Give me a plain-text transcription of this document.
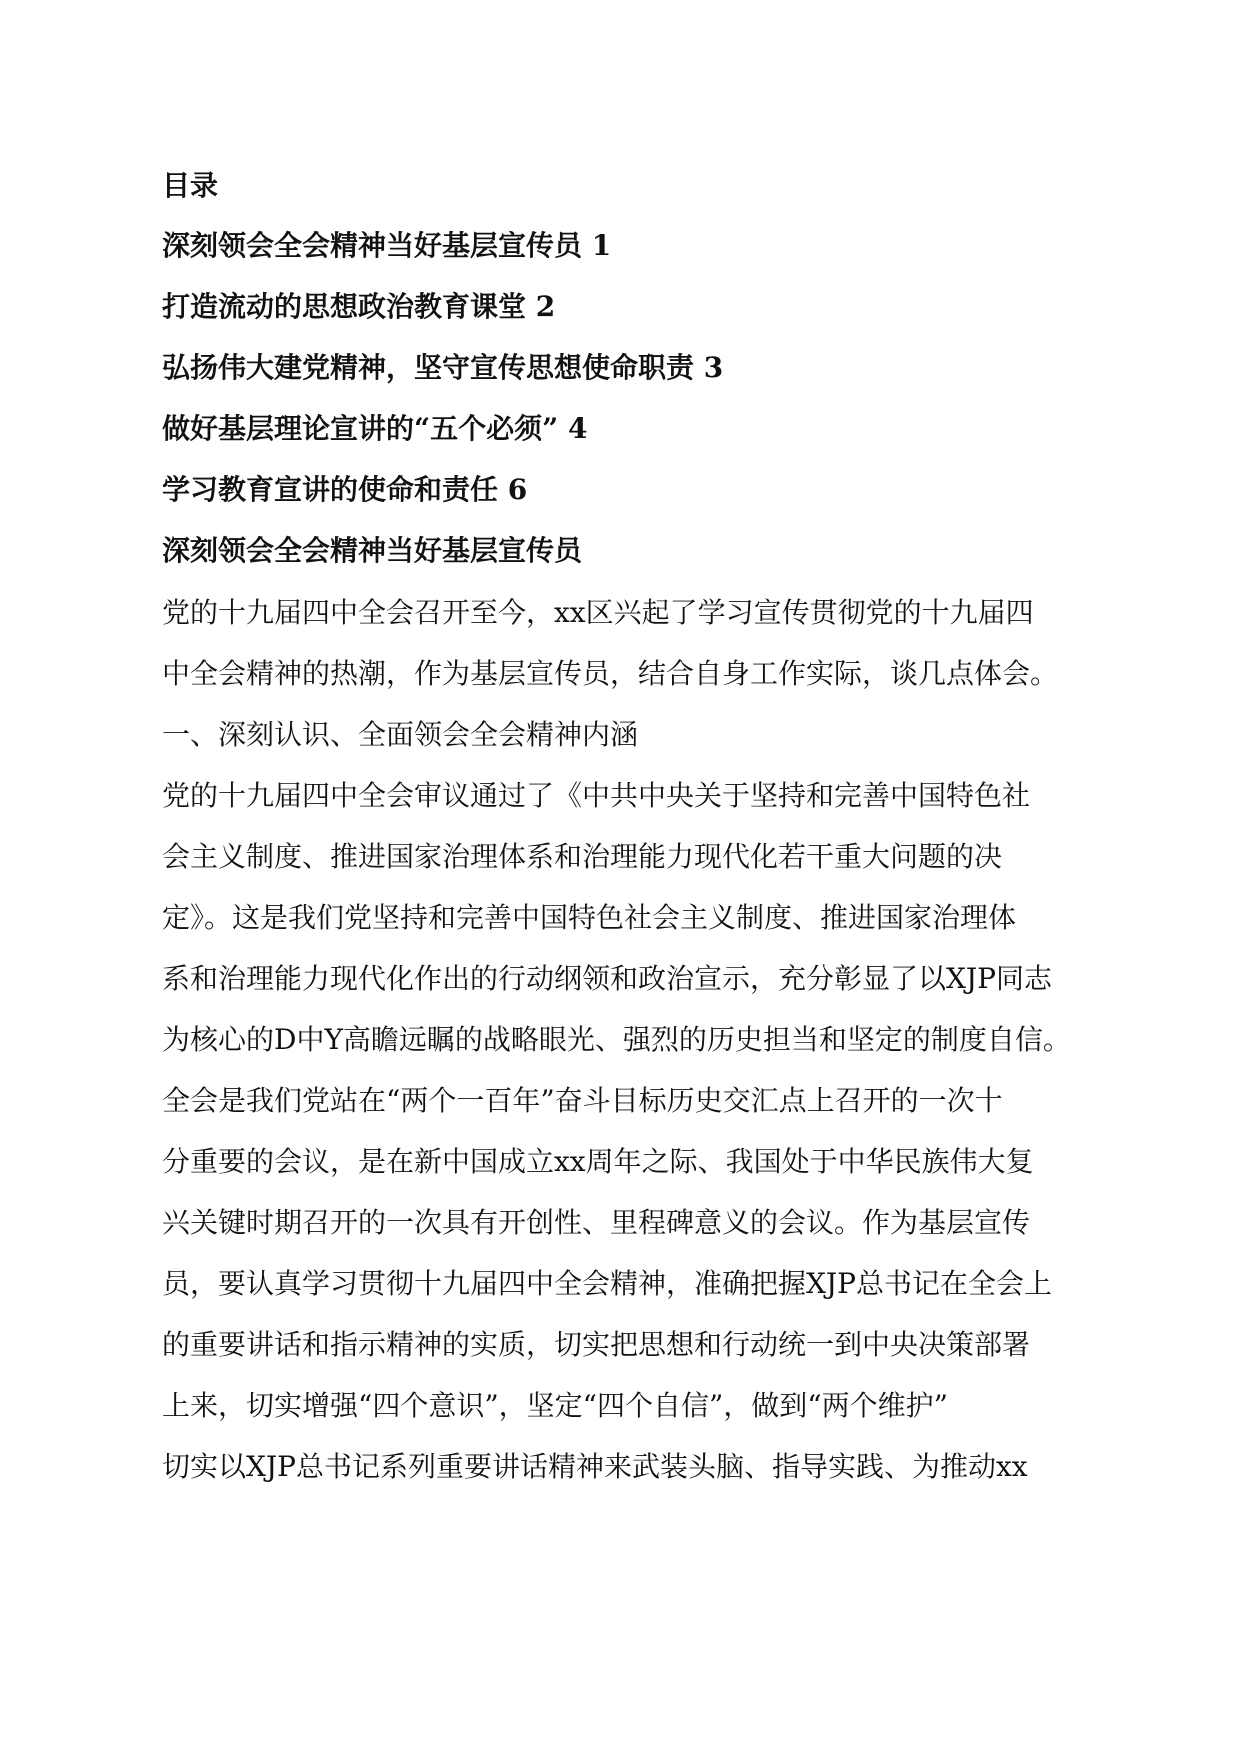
目录

深刻领会全会精神当好基层宣传员 1

打造流动的思想政治教育课堂 2

弘扬伟大建党精神，坚守宣传思想使命职责 3

做好基层理论宣讲的“五个必须” 4

学习教育宣讲的使命和责任 6

深刻领会全会精神当好基层宣传员

党的十九届四中全会召开至今，xx区兴起了学习宣传贯彻党的十九届四

中全会精神的热潮，作为基层宣传员，结合自身工作实际，谈几点体会。

一、深刻认识、全面领会全会精神内涵

党的十九届四中全会审议通过了《中共中央关于坚持和完善中国特色社

会主义制度、推进国家治理体系和治理能力现代化若干重大问题的决

定》。这是我们党坚持和完善中国特色社会主义制度、推进国家治理体

系和治理能力现代化作出的行动纲领和政治宣示，充分彰显了以XJP同志

为核心的D中Y高瞻远瞩的战略眼光、强烈的历史担当和坚定的制度自信。

全会是我们党站在“两个一百年”奋斗目标历史交汇点上召开的一次十

分重要的会议，是在新中国成立xx周年之际、我国处于中华民族伟大复

兴关键时期召开的一次具有开创性、里程碑意义的会议。作为基层宣传

员，要认真学习贯彻十九届四中全会精神，准确把握XJP总书记在全会上

的重要讲话和指示精神的实质，切实把思想和行动统一到中央决策部署

上来，切实增强“四个意识”，坚定“四个自信”，做到“两个维护”

切实以XJP总书记系列重要讲话精神来武装头脑、指导实践、为推动xx
